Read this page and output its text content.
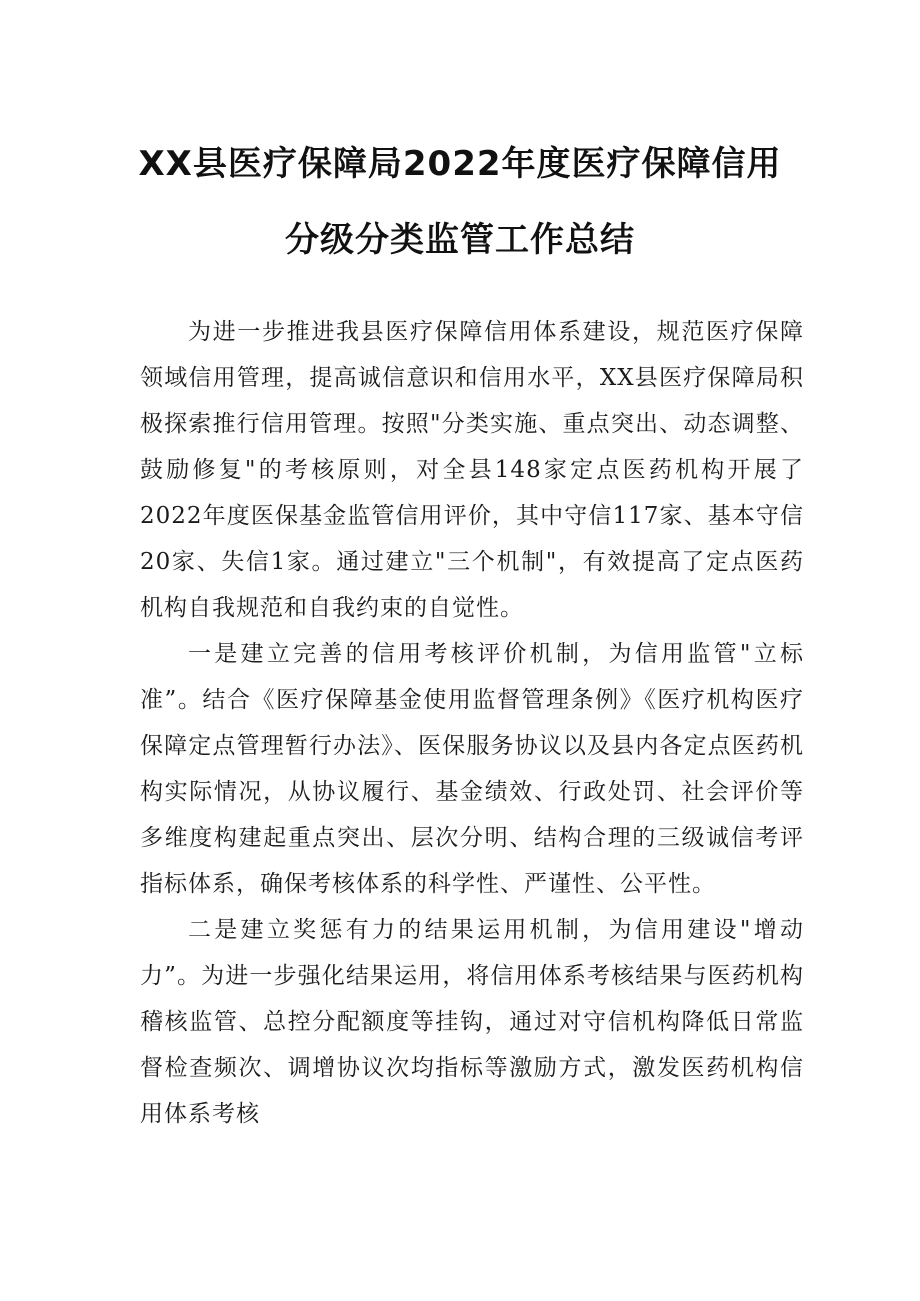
XX县医疗保障局2022年度医疗保障信用
分级分类监管工作总结

为进一步推进我县医疗保障信用体系建设，规范医疗保障领域信用管理，提高诚信意识和信用水平，XX县医疗保障局积极探索推行信用管理。按照"分类实施、重点突出、动态调整、鼓励修复"的考核原则，对全县148家定点医药机构开展了2022年度医保基金监管信用评价，其中守信117家、基本守信20家、失信1家。通过建立"三个机制"，有效提高了定点医药机构自我规范和自我约束的自觉性。

一是建立完善的信用考核评价机制，为信用监管"立标准”。结合《医疗保障基金使用监督管理条例》《医疗机构医疗保障定点管理暂行办法》、医保服务协议以及县内各定点医药机构实际情况，从协议履行、基金绩效、行政处罚、社会评价等多维度构建起重点突出、层次分明、结构合理的三级诚信考评指标体系，确保考核体系的科学性、严谨性、公平性。

二是建立奖惩有力的结果运用机制，为信用建设"增动力”。为进一步强化结果运用，将信用体系考核结果与医药机构稽核监管、总控分配额度等挂钩，通过对守信机构降低日常监督检查频次、调增协议次均指标等激励方式，激发医药机构信用体系考核
